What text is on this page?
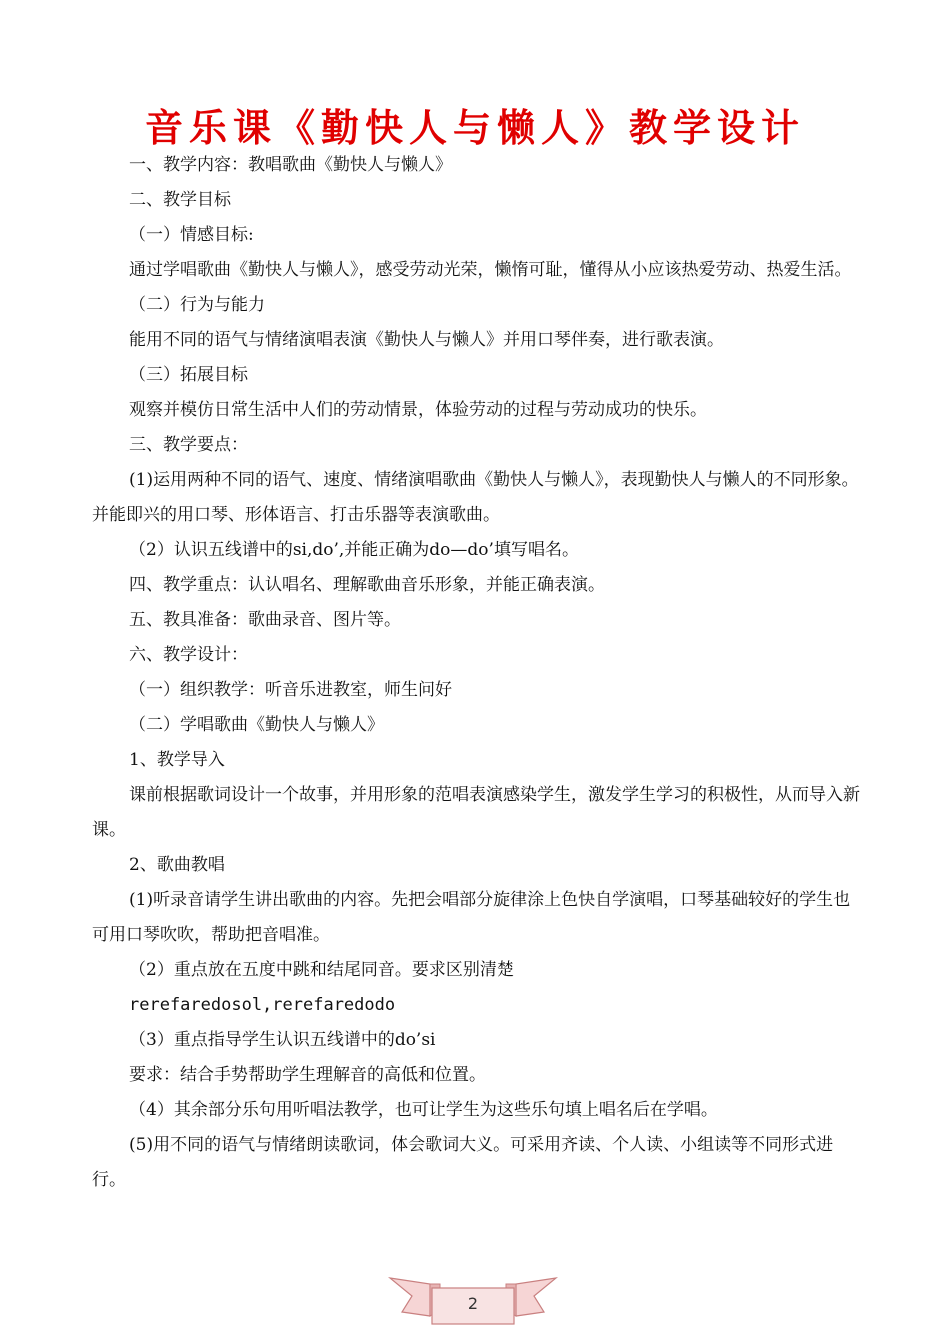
音乐课《勤快人与懒人》教学设计

一、教学内容：教唱歌曲《勤快人与懒人》

二、教学目标

（一）情感目标:

通过学唱歌曲《勤快人与懒人》，感受劳动光荣，懒惰可耻，懂得从小应该热爱劳动、热爱生活。

（二）行为与能力

能用不同的语气与情绪演唱表演《勤快人与懒人》并用口琴伴奏，进行歌表演。

（三）拓展目标

观察并模仿日常生活中人们的劳动情景，体验劳动的过程与劳动成功的快乐。

三、教学要点：

(1)运用两种不同的语气、速度、情绪演唱歌曲《勤快人与懒人》，表现勤快人与懒人的不同形象。并能即兴的用口琴、形体语言、打击乐器等表演歌曲。

（2）认识五线谱中的si,do’,并能正确为do—do’填写唱名。

四、教学重点：认认唱名、理解歌曲音乐形象，并能正确表演。

五、教具准备：歌曲录音、图片等。

六、教学设计：

（一）组织教学：听音乐进教室，师生问好

（二）学唱歌曲《勤快人与懒人》

1、教学导入

课前根据歌词设计一个故事，并用形象的范唱表演感染学生，激发学生学习的积极性，从而导入新课。

2、歌曲教唱

(1)听录音请学生讲出歌曲的内容。先把会唱部分旋律涂上色快自学演唱，口琴基础较好的学生也可用口琴吹吹，帮助把音唱准。

（2）重点放在五度中跳和结尾同音。要求区别清楚

rerefaredosol,rerefaredodo

（3）重点指导学生认识五线谱中的do’si

要求：结合手势帮助学生理解音的高低和位置。

（4）其余部分乐句用听唱法教学，也可让学生为这些乐句填上唱名后在学唱。

(5)用不同的语气与情绪朗读歌词，体会歌词大义。可采用齐读、个人读、小组读等不同形式进行。

2
